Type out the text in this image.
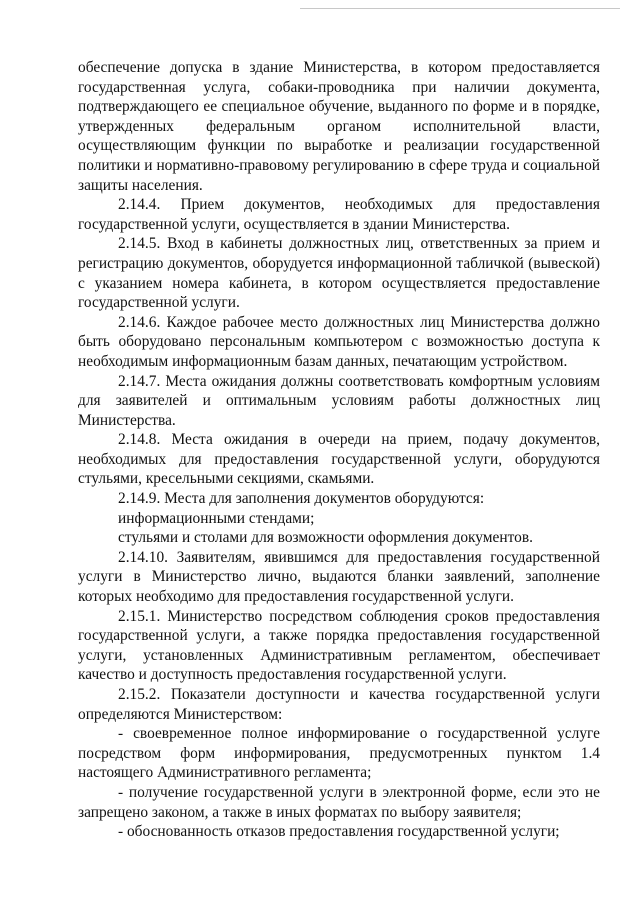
обеспечение допуска в здание Министерства, в котором предоставляется государственная услуга, собаки-проводника при наличии документа, подтверждающего ее специальное обучение, выданного по форме и в порядке, утвержденных федеральным органом исполнительной власти, осуществляющим функции по выработке и реализации государственной политики и нормативно-правовому регулированию в сфере труда и социальной защиты населения.

2.14.4. Прием документов, необходимых для предоставления государственной услуги, осуществляется в здании Министерства.

2.14.5. Вход в кабинеты должностных лиц, ответственных за прием и регистрацию документов, оборудуется информационной табличкой (вывеской) с указанием номера кабинета, в котором осуществляется предоставление государственной услуги.

2.14.6. Каждое рабочее место должностных лиц Министерства должно быть оборудовано персональным компьютером с возможностью доступа к необходимым информационным базам данных, печатающим устройством.

2.14.7. Места ожидания должны соответствовать комфортным условиям для заявителей и оптимальным условиям работы должностных лиц Министерства.

2.14.8. Места ожидания в очереди на прием, подачу документов, необходимых для предоставления государственной услуги, оборудуются стульями, кресельными секциями, скамьями.

2.14.9. Места для заполнения документов оборудуются:

информационными стендами;

стульями и столами для возможности оформления документов.

2.14.10. Заявителям, явившимся для предоставления государственной услуги в Министерство лично, выдаются бланки заявлений, заполнение которых необходимо для предоставления государственной услуги.

2.15.1. Министерство посредством соблюдения сроков предоставления государственной услуги, а также порядка предоставления государственной услуги, установленных Административным регламентом, обеспечивает качество и доступность предоставления государственной услуги.

2.15.2. Показатели доступности и качества государственной услуги определяются Министерством:

- своевременное полное информирование о государственной услуге посредством форм информирования, предусмотренных пунктом 1.4 настоящего Административного регламента;

- получение государственной услуги в электронной форме, если это не запрещено законом, а также в иных форматах по выбору заявителя;

- обоснованность отказов предоставления государственной услуги;
